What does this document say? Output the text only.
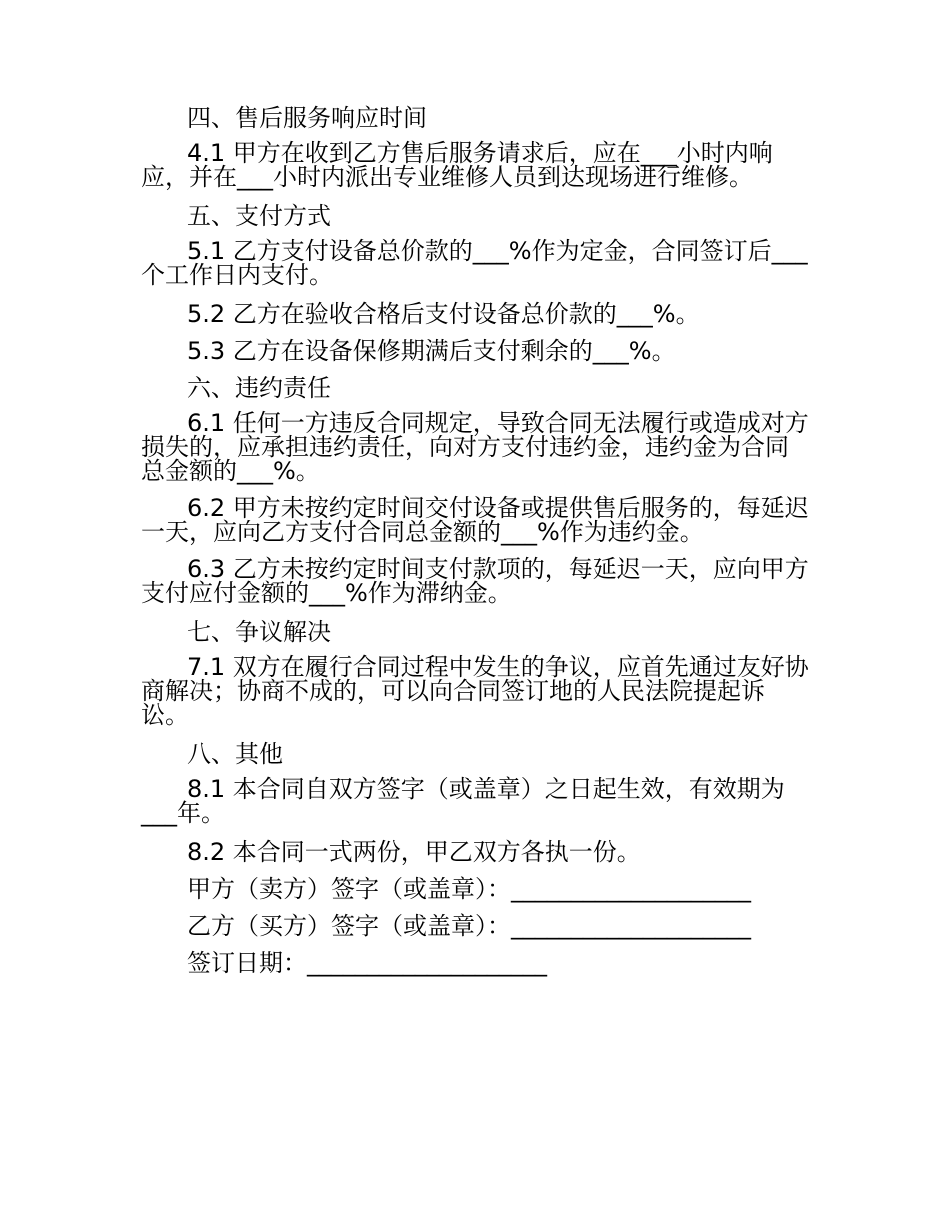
四、售后服务响应时间
4.1 甲方在收到乙方售后服务请求后，应在___小时内响应，并在___小时内派出专业维修人员到达现场进行维修。
五、支付方式
5.1 乙方支付设备总价款的___%作为定金，合同签订后___个工作日内支付。
5.2 乙方在验收合格后支付设备总价款的___%。
5.3 乙方在设备保修期满后支付剩余的___%。
六、违约责任
6.1 任何一方违反合同规定，导致合同无法履行或造成对方损失的，应承担违约责任，向对方支付违约金，违约金为合同总金额的___%。
6.2 甲方未按约定时间交付设备或提供售后服务的，每延迟一天，应向乙方支付合同总金额的___%作为违约金。
6.3 乙方未按约定时间支付款项的，每延迟一天，应向甲方支付应付金额的___%作为滞纳金。
七、争议解决
7.1 双方在履行合同过程中发生的争议，应首先通过友好协商解决；协商不成的，可以向合同签订地的人民法院提起诉讼。
八、其他
8.1 本合同自双方签字（或盖章）之日起生效，有效期为___年。
8.2 本合同一式两份，甲乙双方各执一份。
甲方（卖方）签字（或盖章）：____________________
乙方（买方）签字（或盖章）：____________________
签订日期：____________________
